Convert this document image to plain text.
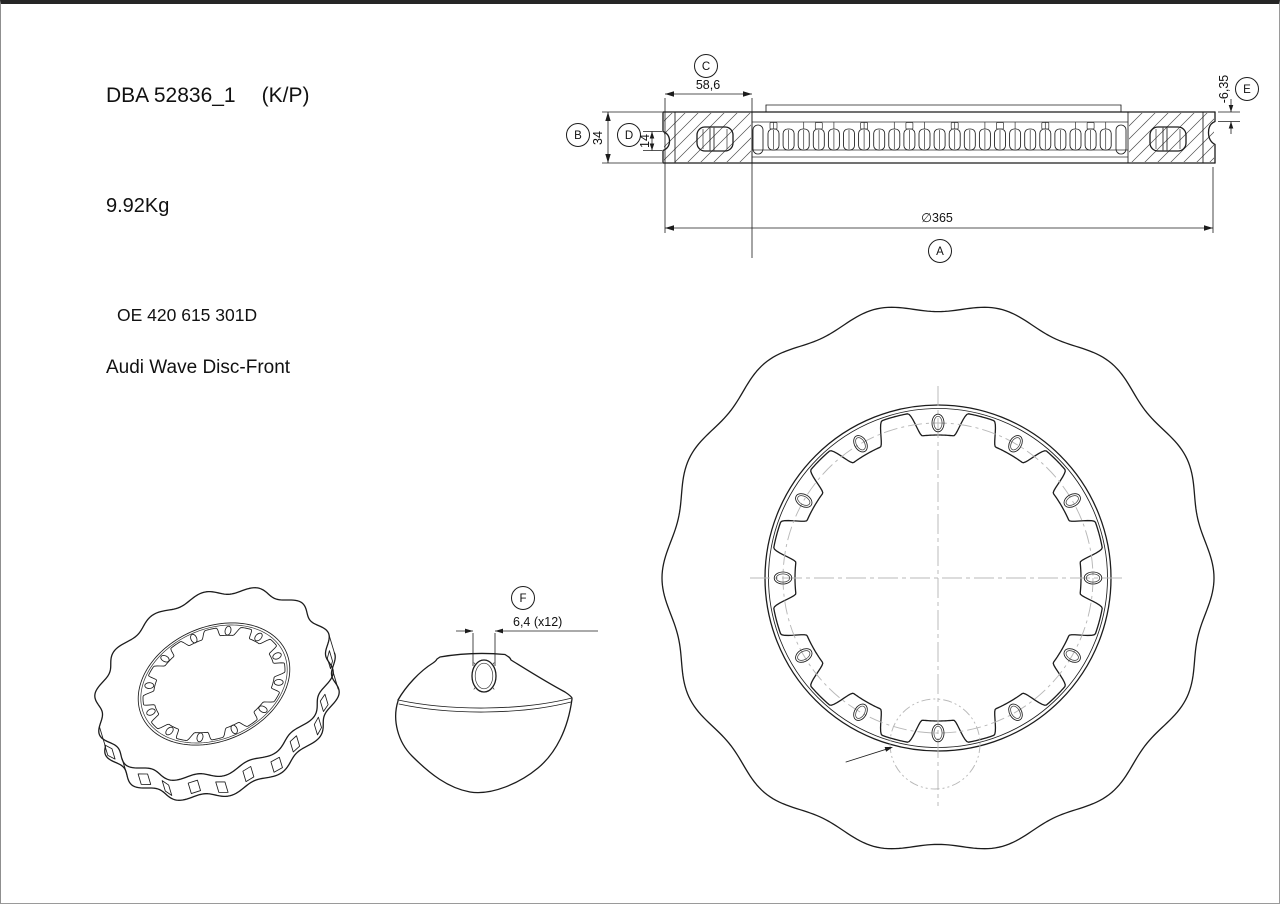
DBA 52836_1 (K/P)
9.92Kg
OE 420 615 301D
Audi Wave Disc-Front
C
B	D
E
A
F
58,6
34	14
-6,35
∅365
6,4 (x12)
